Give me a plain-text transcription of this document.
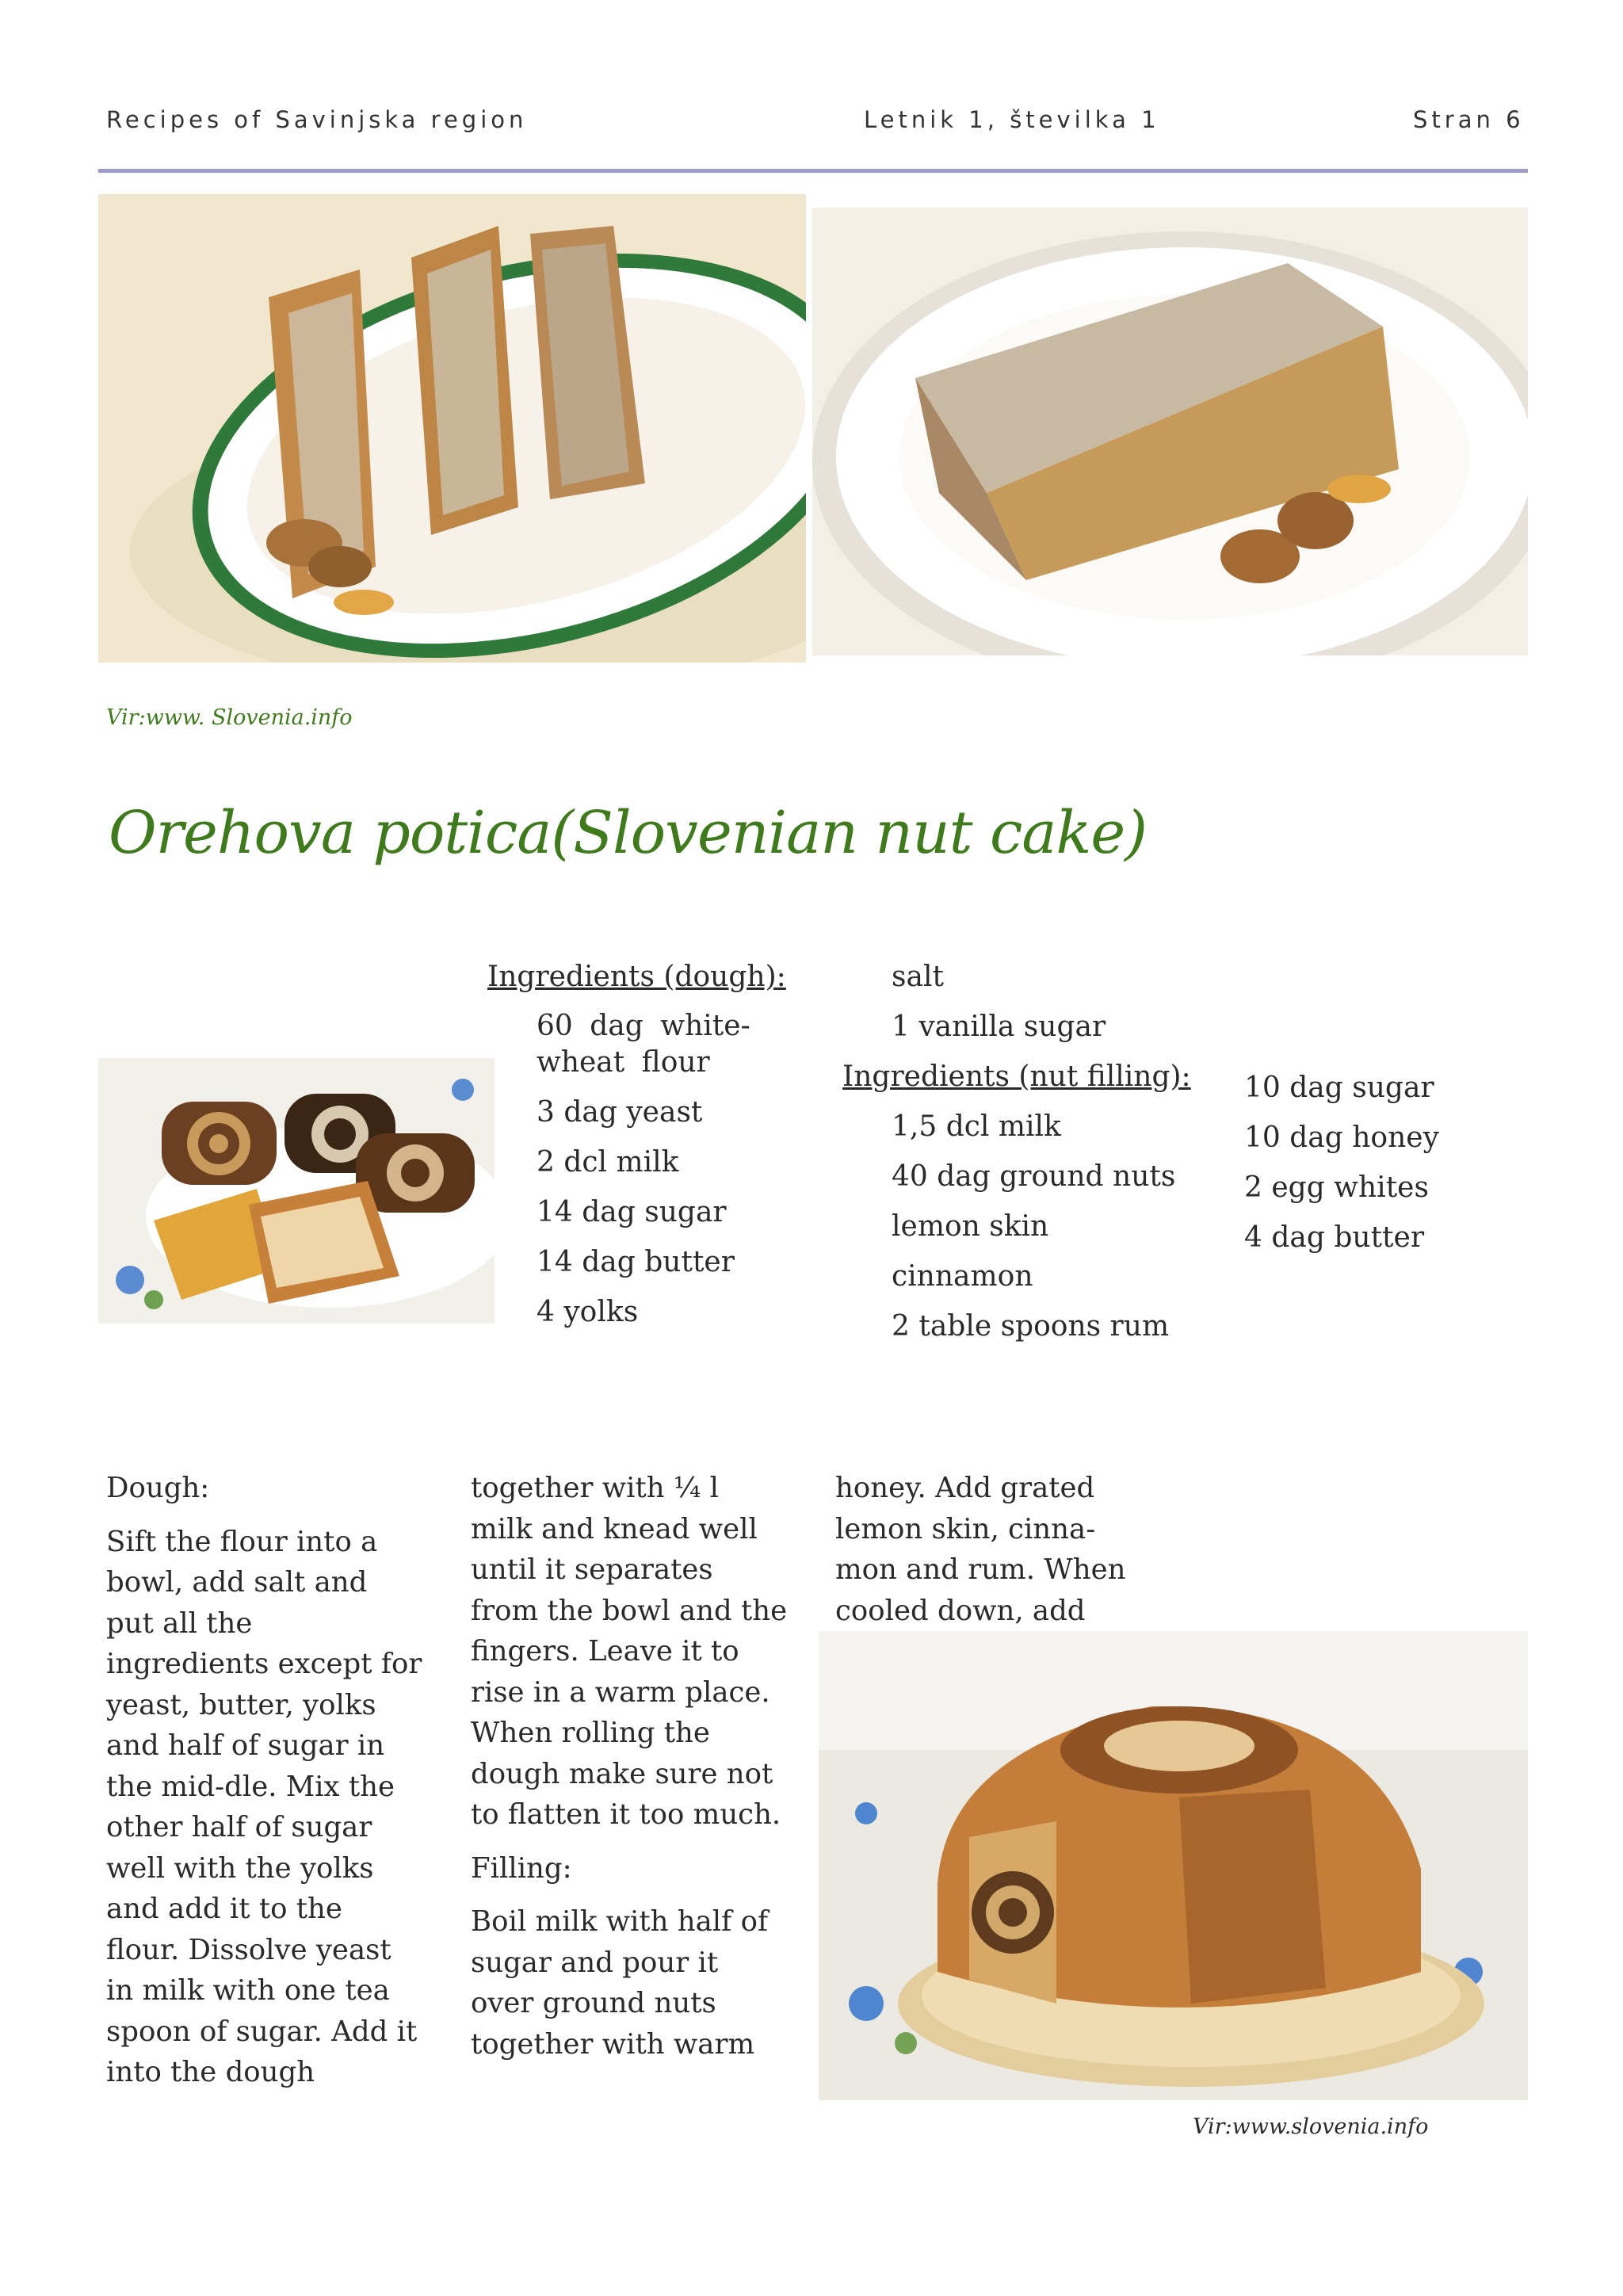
Recipes of Savinjska region	Letnik 1, številka 1	Stran 6
Vir:www. Slovenia.info
Orehova potica(Slovenian nut cake)
Ingredients (dough):
60 dag white-wheat flour
3 dag yeast
2 dcl milk
14 dag sugar
14 dag butter
4 yolks
salt
1 vanilla sugar
Ingredients (nut filling):
1,5 dcl milk
40 dag ground nuts
lemon skin
cinnamon
2 table spoons rum
10 dag sugar
10 dag honey
2 egg whites
4 dag butter

Dough:

Sift the flour into a bowl, add salt and put all the ingredients except for yeast, butter, yolks and half of sugar in the mid-dle. Mix the other half of sugar well with the yolks and add it to the flour. Dissolve yeast in milk with one tea spoon of sugar. Add it into the dough together with ¼ l milk and knead well until it separates from the bowl and the fingers. Leave it to rise in a warm place. When rolling the dough make sure not to flatten it too much.

Filling:

Boil milk with half of sugar and pour it over ground nuts together with warm honey. Add grated lemon skin, cinna-mon and rum. When cooled down, add

Vir:www.slovenia.info
